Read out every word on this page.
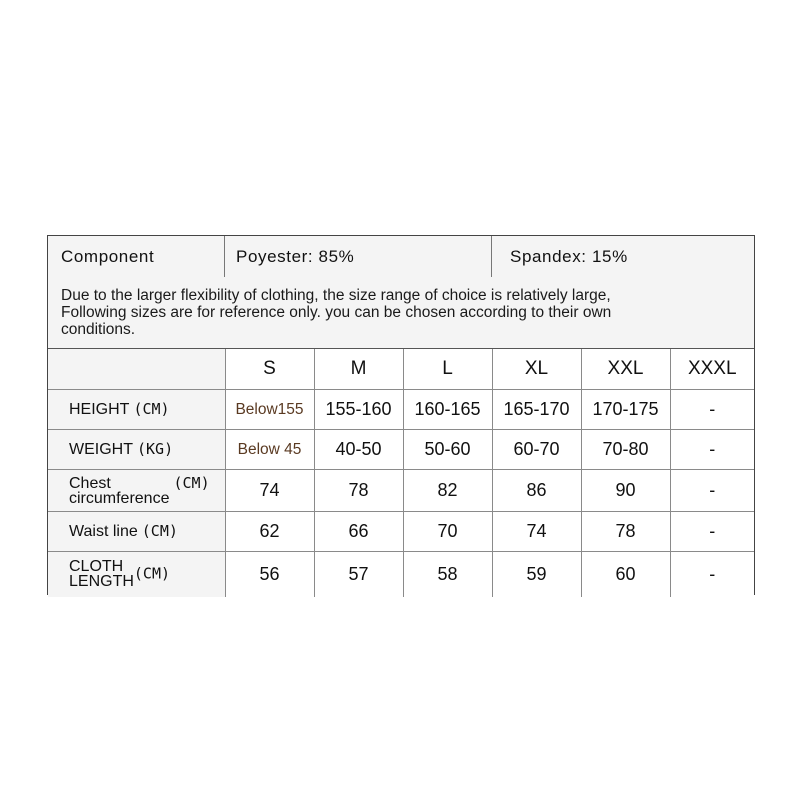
Component	Poyester: 85%	Spandex: 15%
Due to the larger flexibility of clothing, the size range of choice is relatively large,
Following sizes are for reference only. you can be chosen according to their own
conditions.
	S	M	L	XL	XXL	XXXL
HEIGHT (CM)	Below155	155-160	160-165	165-170	170-175	-
WEIGHT (KG)	Below 45	40-50	50-60	60-70	70-80	-
Chest
circumference(CM)	74	78	82	86	90	-
Waist line (CM)	62	66	70	74	78	-
CLOTH
LENGTH(CM)	56	57	58	59	60	-
